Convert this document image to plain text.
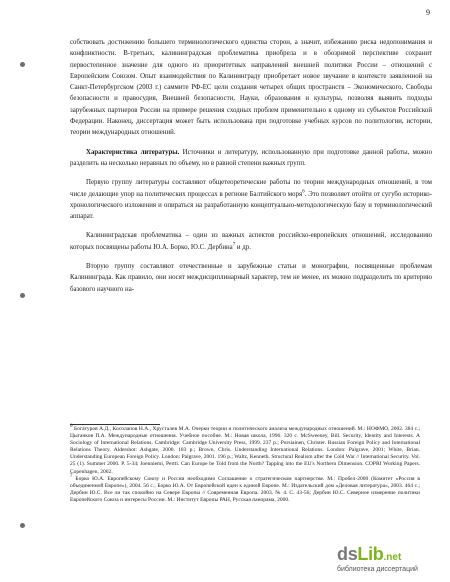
9

собствовать достижению большего терминологического единства сторон, а значит, избежанию риска недопонимания и конфликтности. В-третьих, калининградская проблематика приобрела и в обозримой перспективе сохранит первостепенное значение для одного из приоритетных направлений внешней политики России – отношений с Европейским Союзом. Опыт взаимодействия по Калининграду приобретает новое звучание в контексте заявленной на Санкт-Петербургском (2003 г.) саммите РФ-ЕС цели создания четырех общих пространств – Экономического, Свободы безопасности и правосудия, Внешней безопасности, Науки, образования и культуры, позволяя выявить подходы зарубежных партнеров России на примере решения сходных проблем применительно к одному из субъектов Российской Федерации. Наконец, диссертация может быть использована при подготовке учебных курсов по политологии, истории, теории международных отношений.

Характеристика литературы. Источники и литературу, использованную при подготовке данной работы, можно разделить на несколько неравных по объему, но в равной степени важных групп.

Первую группу литературы составляют общетеоретические работы по теории международных отношений, в том числе делающие упор на политических процессах в регионе Балтийского моря$^6$. Это позволяет отойти от сугубо историко-хронологического изложения и опираться на разработанную концептуально-методологическую базу и терминологический аппарат.

Калининградская проблематика – один из важных аспектов российско-европейских отношений, исследованию которых посвящены работы Ю.А. Борко, Ю.С. Дербина$^7$ и др.

Вторую группу составляют отечественные и зарубежные статьи и монографии, посвященные проблемам Калининграда. Как правило, они носят междисциплинарный характер, тем не менее, их можно подразделить по критерию базового научного на-

$^6$ Богатуров А.Д., Косолапов Н.А., Хрусталев М.А. Очерки теории и политического анализа международных отношений. М.: НОФМО, 2002. 384 с.; Цыганков П.А. Международные отношения. Учебное пособие. М.: Новая школа, 1996. 320 с. McSweeney, Bill. Security, Identity and Interests. A Sociology of International Relations. Cambridge: Cambridge University Press, 1999. 237 p.; Pursiainen, Christer. Russian Foreign Policy and International Relations Theory. Aldershot: Ashgate, 2000. 183 p.; Brown, Chris. Understanding International Relations. London: Palgrave, 2001; White, Brian. Understanding European Foreign Policy. London: Palgrave, 2001. 196 p.; Waltz, Kenneth. Structural Realism after the Cold War // International Security. Vol. 25 (1). Summer 2000. P. 5-34; Joenniemi, Pertti. Can Europe be Told from the North? Tapping into the EU's Northern Dimension. COPRI Working Papers. Copenhagen, 2002.

$^7$ Борко Ю.А. Европейскому Союзу и России необходимо Соглашение о стратегическом партнерстве. М.: Пробел-2000 (Комитет «Россия в объединенной Европе»), 2004. 56 с.; Борко Ю.А. От Европейской идеи к единой Европе. М.: Издательский дом «Деловая литература», 2003. 464 с.; Дербин Ю.С. Все ли так спокойно на Севере Европы // Современная Европа. 2003. № 4. С. 43-56; Дербин Ю.С. Северное измерение политики Европейского Союза и интересы России. М.: Институт Европы РАН, Русская панорама, 2000.

ds Lib .net
библиотека диссертаций
